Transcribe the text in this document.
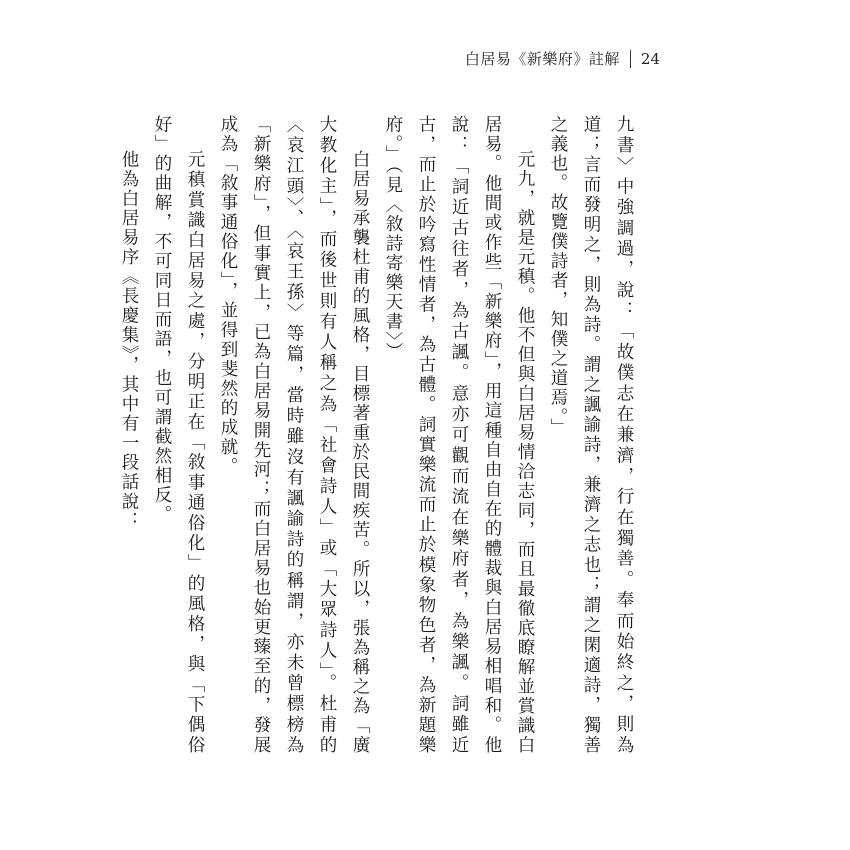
白居易《新樂府》註解 24

九書〉中強調過，說：「故僕志在兼濟，行在獨善。奉而始終之，則為道；言而發明之，則為詩。謂之諷諭詩，兼濟之志也；謂之閑適詩，獨善之義也。故覽僕詩者，知僕之道焉。」

元九，就是元稹。他不但與白居易情洽志同，而且最徹底瞭解並賞識白居易。他間或作些「新樂府」，用這種自由自在的體裁與白居易相唱和。他說：「詞近古往者，為古諷。意亦可觀而流在樂府者，為樂諷。詞雖近古，而止於吟寫性情者，為古體。詞實樂流而止於模象物色者，為新題樂府。」（見〈敘詩寄樂天書〉）

白居易承襲杜甫的風格，目標著重於民間疾苦。所以，張為稱之為「廣大教化主」，而後世則有人稱之為「社會詩人」或「大眾詩人」。杜甫的〈哀江頭〉、〈哀王孫〉等篇，當時雖沒有諷諭詩的稱謂，亦未曾標榜為「新樂府」，但事實上，已為白居易開先河；而白居易也始更臻至的，發展成為「敘事通俗化」，並得到斐然的成就。

元稹賞識白居易之處，分明正在「敘事通俗化」的風格，與「下偶俗好」的曲解，不可同日而語，也可謂截然相反。

他為白居易序《長慶集》，其中有一段話說：
